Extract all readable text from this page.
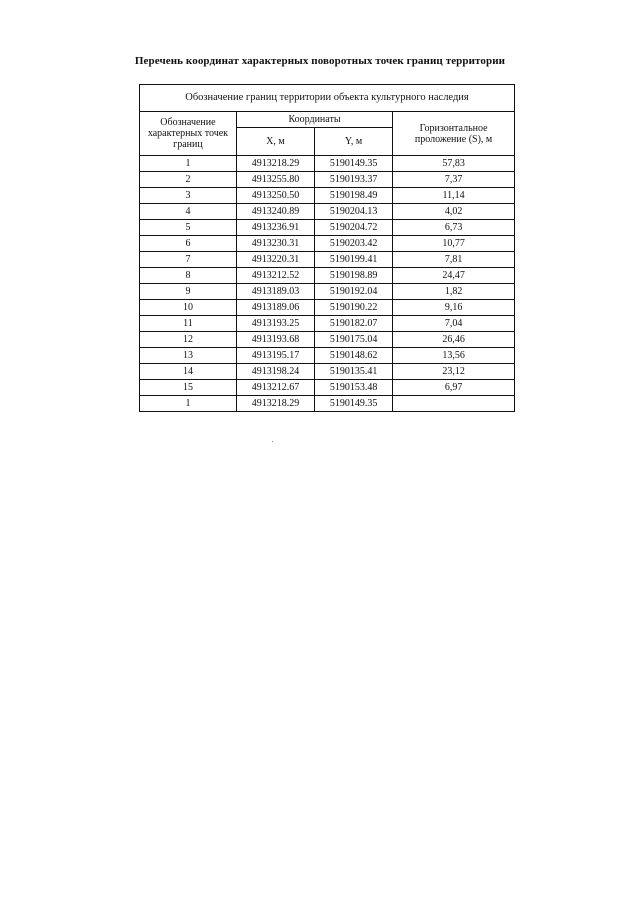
Перечень координат характерных поворотных точек границ территории
Обозначение границ территории объекта культурного наследия			
Обозначение характерных точек границ	Координаты		Горизонтальное проложение (S), м
	X, м	Y, м	
1	4913218.29	5190149.35	57,83
2	4913255.80	5190193.37	7,37
3	4913250.50	5190198.49	11,14
4	4913240.89	5190204.13	4,02
5	4913236.91	5190204.72	6,73
6	4913230.31	5190203.42	10,77
7	4913220.31	5190199.41	7,81
8	4913212.52	5190198.89	24,47
9	4913189.03	5190192.04	1,82
10	4913189.06	5190190.22	9,16
11	4913193.25	5190182.07	7,04
12	4913193.68	5190175.04	26,46
13	4913195.17	5190148.62	13,56
14	4913198.24	5190135.41	23,12
15	4913212.67	5190153.48	6,97
1	4913218.29	5190149.35	
